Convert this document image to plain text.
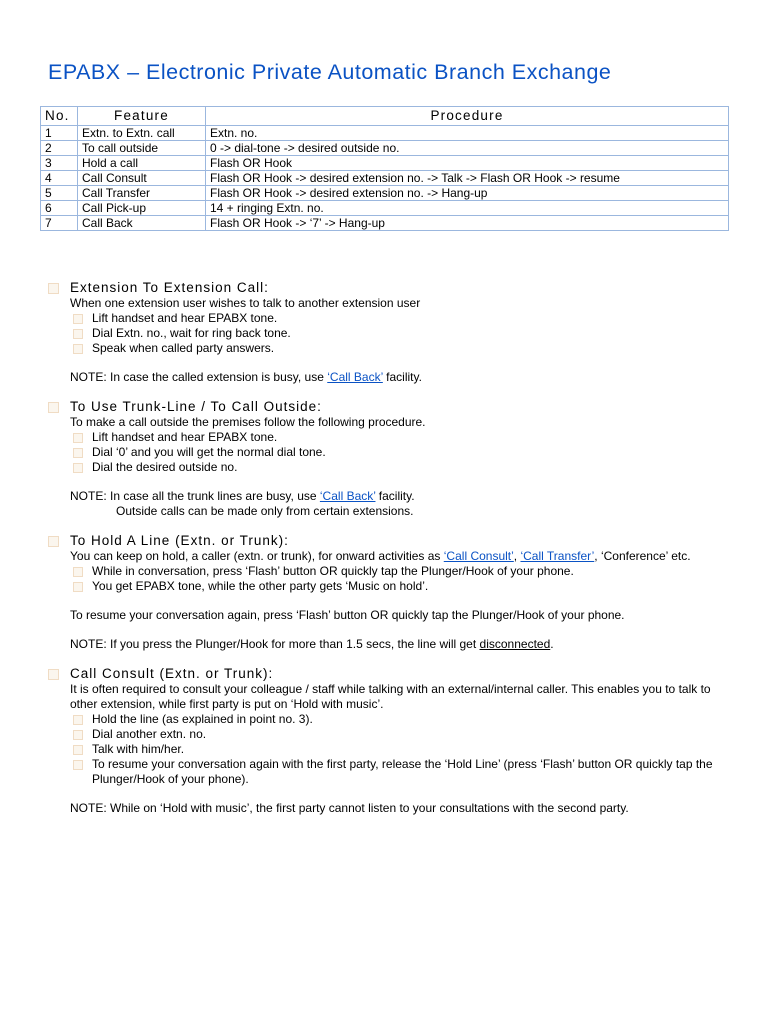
EPABX – Electronic Private Automatic Branch Exchange
No.	Feature	Procedure
1	Extn. to Extn. call	Extn. no.
2	To call outside	0 -> dial-tone -> desired outside no.
3	Hold a call	Flash OR Hook
4	Call Consult	Flash OR Hook -> desired extension no. -> Talk -> Flash OR Hook -> resume
5	Call Transfer	Flash OR Hook -> desired extension no. -> Hang-up
6	Call Pick-up	14 + ringing Extn. no.
7	Call Back	Flash OR Hook -> ‘7’ -> Hang-up
Extension To Extension Call:

When one extension user wishes to talk to another extension user

Lift handset and hear EPABX tone.
Dial Extn. no., wait for ring back tone.
Speak when called party answers.

NOTE: In case the called extension is busy, use ‘Call Back’ facility.

To Use Trunk-Line / To Call Outside:

To make a call outside the premises follow the following procedure.

Lift handset and hear EPABX tone.
Dial ‘0’ and you will get the normal dial tone.
Dial the desired outside no.

NOTE: In case all the trunk lines are busy, use ‘Call Back’ facility.

Outside calls can be made only from certain extensions.

To Hold A Line (Extn. or Trunk):

You can keep on hold, a caller (extn. or trunk), for onward activities as ‘Call Consult’, ‘Call Transfer’, ‘Conference’ etc.

While in conversation, press ‘Flash’ button OR quickly tap the Plunger/Hook of your phone.
You get EPABX tone, while the other party gets ‘Music on hold’.

To resume your conversation again, press ‘Flash’ button OR quickly tap the Plunger/Hook of your phone.

NOTE: If you press the Plunger/Hook for more than 1.5 secs, the line will get disconnected.

Call Consult (Extn. or Trunk):

It is often required to consult your colleague / staff while talking with an external/internal caller. This enables you to talk to other extension, while first party is put on ‘Hold with music’.

Hold the line (as explained in point no. 3).
Dial another extn. no.
Talk with him/her.
To resume your conversation again with the first party, release the ‘Hold Line’ (press ‘Flash’ button OR quickly tap the Plunger/Hook of your phone).

NOTE: While on ‘Hold with music’, the first party cannot listen to your consultations with the second party.
